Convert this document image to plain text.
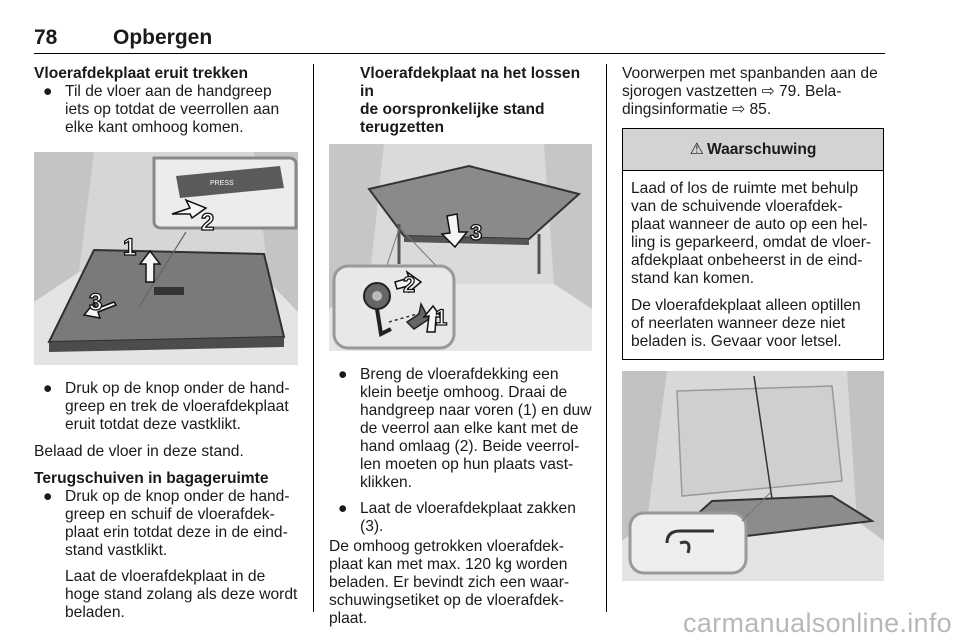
78	Opbergen

Vloerafdekplaat eruit trekken

● Til de vloer aan de handgreep

iets op totdat de veerrollen aan

elke kant omhoog komen.

PRESS
2
1
3
● Druk op de knop onder de hand-

greep en trek de vloerafdekplaat

eruit totdat deze vastklikt.

Belaad de vloer in deze stand.

Terugschuiven in bagageruimte

● Druk op de knop onder de hand-

greep en schuif de vloerafdek-

plaat erin totdat deze in de eind-

stand vastklikt.

Laat de vloerafdekplaat in de

hoge stand zolang als deze wordt

beladen.

Vloerafdekplaat na het lossen in

de oorspronkelijke stand

terugzetten

3
2
1
● Breng de vloerafdekking een

klein beetje omhoog. Draai de

handgreep naar voren (1) en duw

de veerrol aan elke kant met de

hand omlaag (2). Beide veerrol-

len moeten op hun plaats vast-

klikken.

● Laat de vloerafdekplaat zakken

(3).

De omhoog getrokken vloerafdek-

plaat kan met max. 120 kg worden

beladen. Er bevindt zich een waar-

schuwingsetiket op de vloerafdek-

plaat.

Voorwerpen met spanbanden aan de

sjorogen vastzetten ⇨ 79. Bela-

dingsinformatie ⇨ 85.

⚠ Waarschuwing

Laad of los de ruimte met behulp

van de schuivende vloerafdek-

plaat wanneer de auto op een hel-

ling is geparkeerd, omdat de vloer-

afdekplaat onbeheerst in de eind-

stand kan komen.

De vloerafdekplaat alleen optillen

of neerlaten wanneer deze niet

beladen is. Gevaar voor letsel.

carmanualsonline.info
